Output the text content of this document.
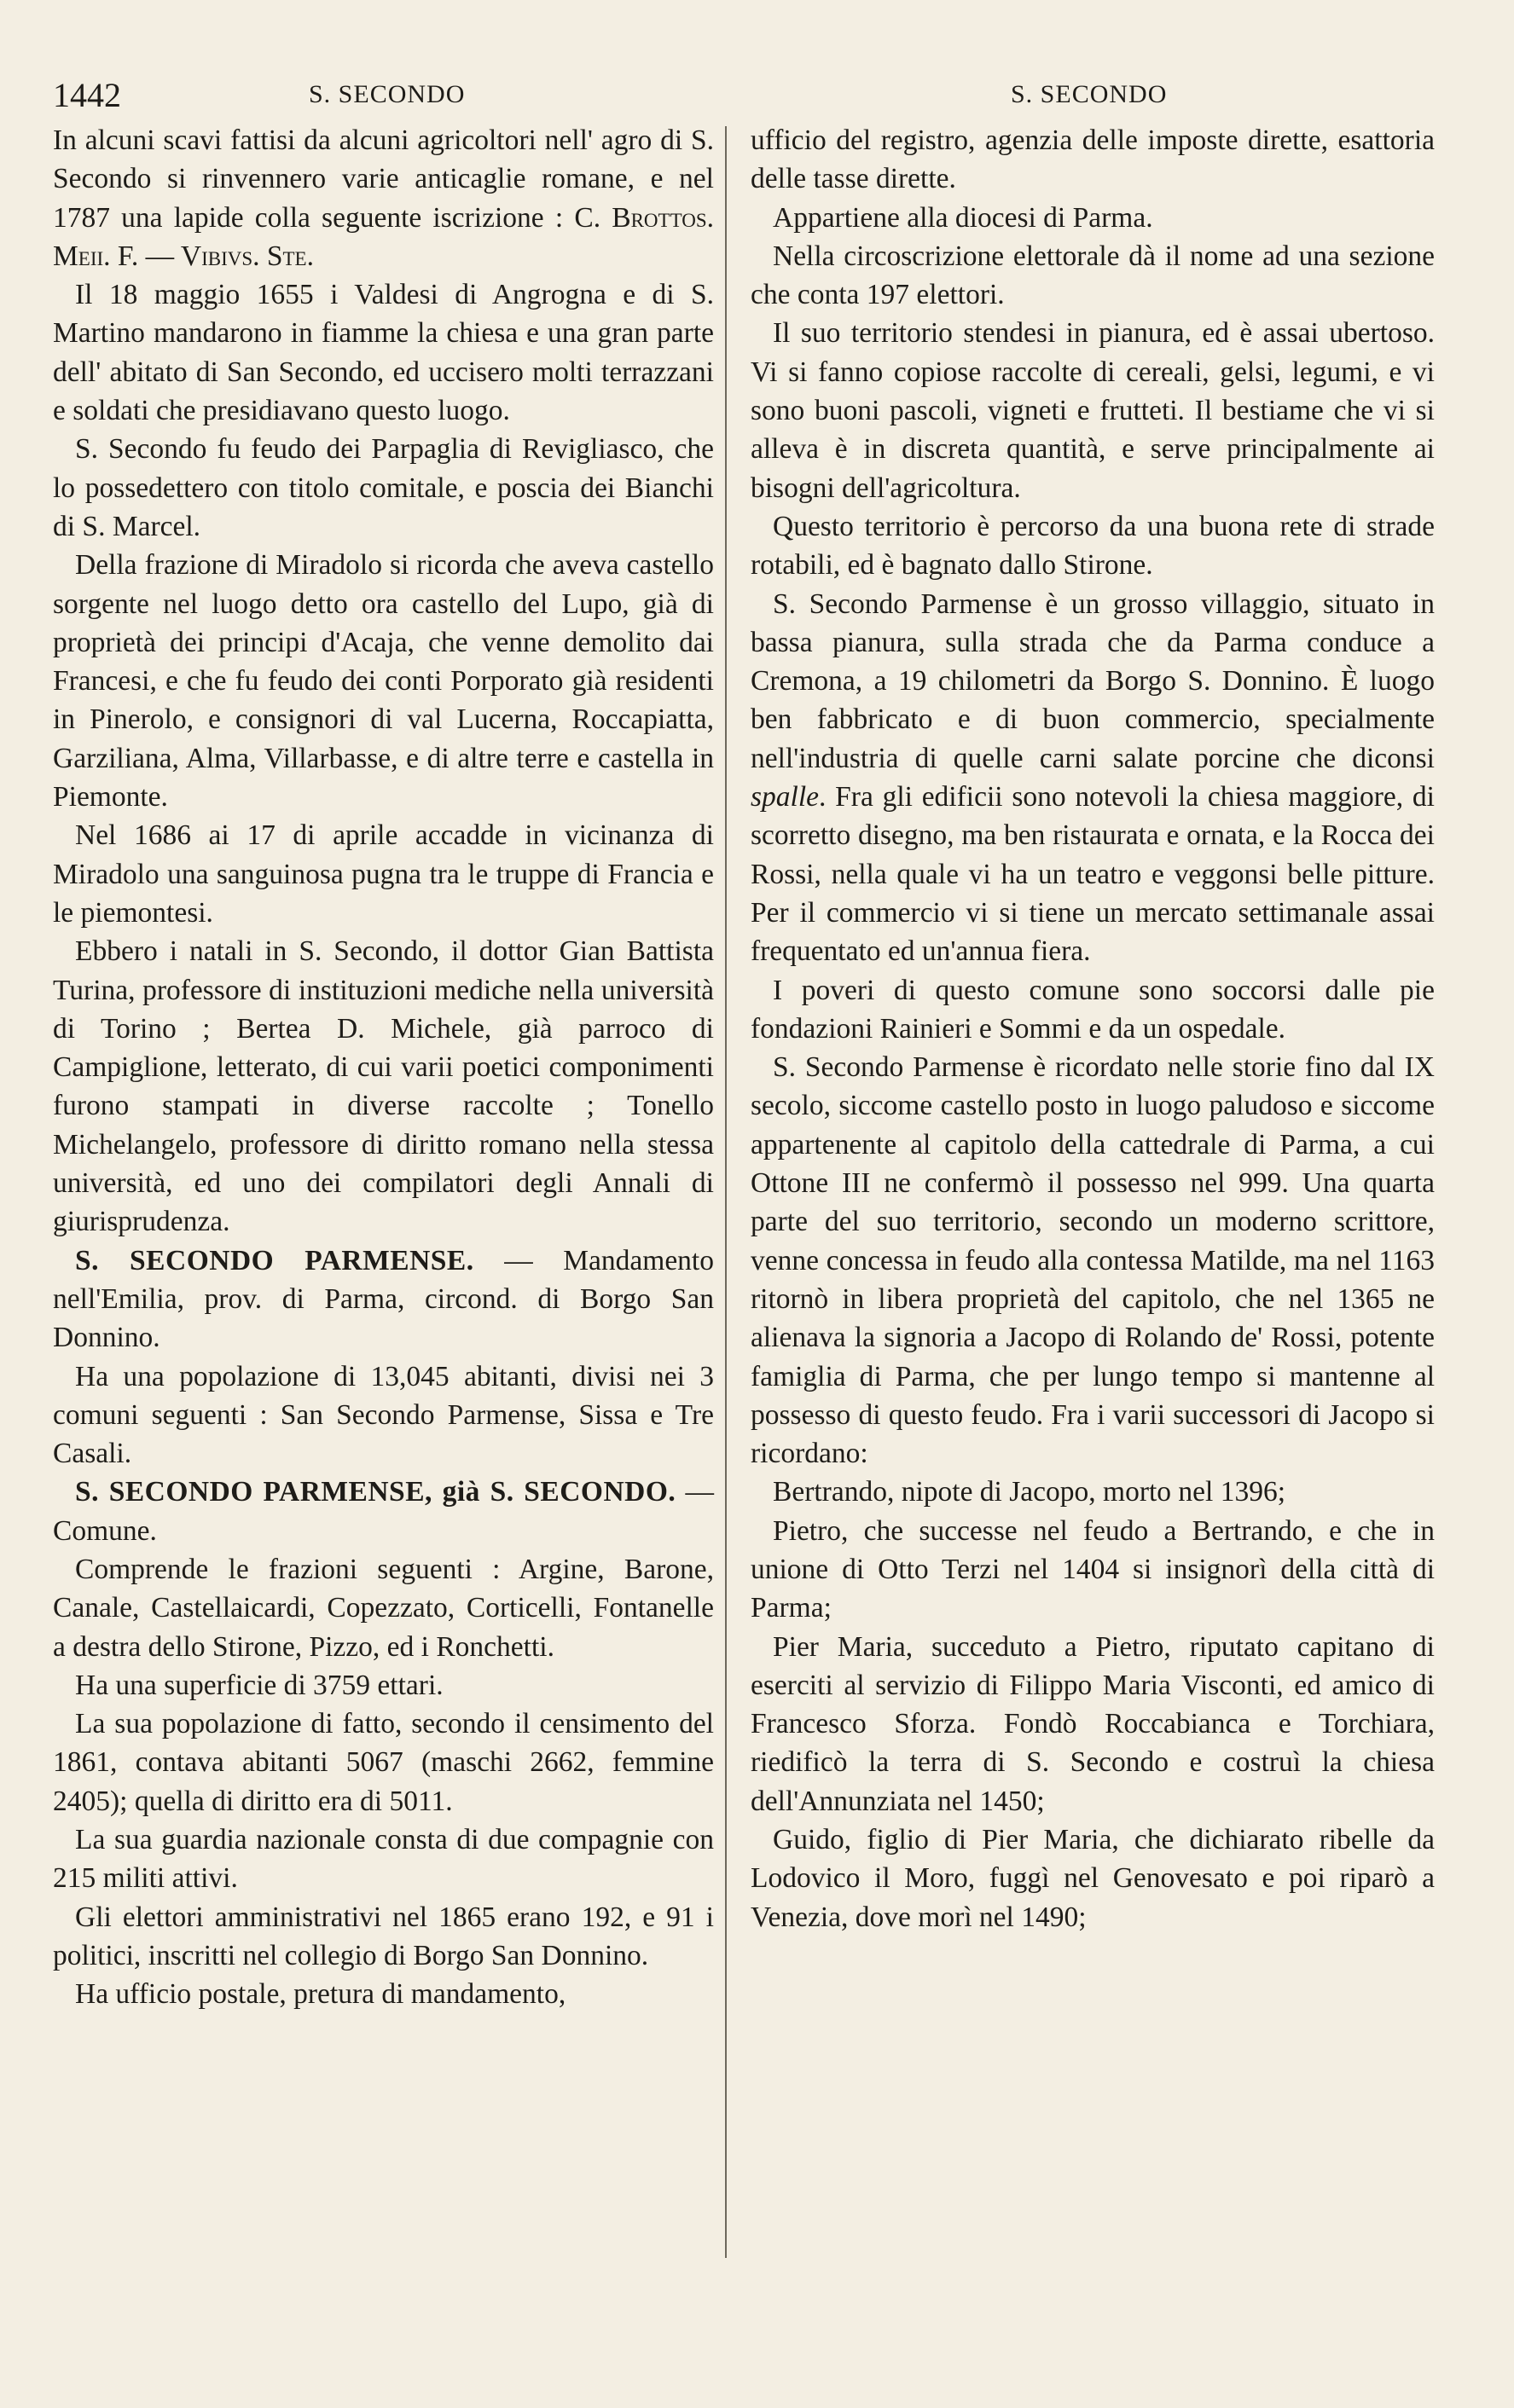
1442	S. SECONDO	S. SECONDO

In alcuni scavi fattisi da alcuni agricoltori nell' agro di S. Secondo si rinvennero varie anticaglie romane, e nel 1787 una lapide colla seguente iscrizione : C. Brottos. Meii. F. — Vibivs. Ste.

Il 18 maggio 1655 i Valdesi di Angrogna e di S. Martino mandarono in fiamme la chiesa e una gran parte dell' abitato di San Secondo, ed uccisero molti terrazzani e soldati che presidiavano questo luogo.

S. Secondo fu feudo dei Parpaglia di Revigliasco, che lo possedettero con titolo comitale, e poscia dei Bianchi di S. Marcel.

Della frazione di Miradolo si ricorda che aveva castello sorgente nel luogo detto ora castello del Lupo, già di proprietà dei principi d'Acaja, che venne demolito dai Francesi, e che fu feudo dei conti Porporato già residenti in Pinerolo, e consignori di val Lucerna, Roccapiatta, Garziliana, Alma, Villarbasse, e di altre terre e castella in Piemonte.

Nel 1686 ai 17 di aprile accadde in vicinanza di Miradolo una sanguinosa pugna tra le truppe di Francia e le piemontesi.

Ebbero i natali in S. Secondo, il dottor Gian Battista Turina, professore di instituzioni mediche nella università di Torino ; Bertea D. Michele, già parroco di Campiglione, letterato, di cui varii poetici componimenti furono stampati in diverse raccolte ; Tonello Michelangelo, professore di diritto romano nella stessa università, ed uno dei compilatori degli Annali di giurisprudenza.

S. SECONDO PARMENSE. — Mandamento nell'Emilia, prov. di Parma, circond. di Borgo San Donnino.

Ha una popolazione di 13,045 abitanti, divisi nei 3 comuni seguenti : San Secondo Parmense, Sissa e Tre Casali.

S. SECONDO PARMENSE, già S. SECONDO. — Comune.

Comprende le frazioni seguenti : Argine, Barone, Canale, Castellaicardi, Copezzato, Corticelli, Fontanelle a destra dello Stirone, Pizzo, ed i Ronchetti.

Ha una superficie di 3759 ettari.

La sua popolazione di fatto, secondo il censimento del 1861, contava abitanti 5067 (maschi 2662, femmine 2405); quella di diritto era di 5011.

La sua guardia nazionale consta di due compagnie con 215 militi attivi.

Gli elettori amministrativi nel 1865 erano 192, e 91 i politici, inscritti nel collegio di Borgo San Donnino.

Ha ufficio postale, pretura di mandamento,

ufficio del registro, agenzia delle imposte dirette, esattoria delle tasse dirette.

Appartiene alla diocesi di Parma.

Nella circoscrizione elettorale dà il nome ad una sezione che conta 197 elettori.

Il suo territorio stendesi in pianura, ed è assai ubertoso. Vi si fanno copiose raccolte di cereali, gelsi, legumi, e vi sono buoni pascoli, vigneti e frutteti. Il bestiame che vi si alleva è in discreta quantità, e serve principalmente ai bisogni dell'agricoltura.

Questo territorio è percorso da una buona rete di strade rotabili, ed è bagnato dallo Stirone.

S. Secondo Parmense è un grosso villaggio, situato in bassa pianura, sulla strada che da Parma conduce a Cremona, a 19 chilometri da Borgo S. Donnino. È luogo ben fabbricato e di buon commercio, specialmente nell'industria di quelle carni salate porcine che diconsi spalle. Fra gli edificii sono notevoli la chiesa maggiore, di scorretto disegno, ma ben ristaurata e ornata, e la Rocca dei Rossi, nella quale vi ha un teatro e veggonsi belle pitture. Per il commercio vi si tiene un mercato settimanale assai frequentato ed un'annua fiera.

I poveri di questo comune sono soccorsi dalle pie fondazioni Rainieri e Sommi e da un ospedale.

S. Secondo Parmense è ricordato nelle storie fino dal IX secolo, siccome castello posto in luogo paludoso e siccome appartenente al capitolo della cattedrale di Parma, a cui Ottone III ne confermò il possesso nel 999. Una quarta parte del suo territorio, secondo un moderno scrittore, venne concessa in feudo alla contessa Matilde, ma nel 1163 ritornò in libera proprietà del capitolo, che nel 1365 ne alienava la signoria a Jacopo di Rolando de' Rossi, potente famiglia di Parma, che per lungo tempo si mantenne al possesso di questo feudo. Fra i varii successori di Jacopo si ricordano:

Bertrando, nipote di Jacopo, morto nel 1396;

Pietro, che successe nel feudo a Bertrando, e che in unione di Otto Terzi nel 1404 si insignorì della città di Parma;

Pier Maria, succeduto a Pietro, riputato capitano di eserciti al servizio di Filippo Maria Visconti, ed amico di Francesco Sforza. Fondò Roccabianca e Torchiara, riedificò la terra di S. Secondo e costruì la chiesa dell'Annunziata nel 1450;

Guido, figlio di Pier Maria, che dichiarato ribelle da Lodovico il Moro, fuggì nel Genovesato e poi riparò a Venezia, dove morì nel 1490;
